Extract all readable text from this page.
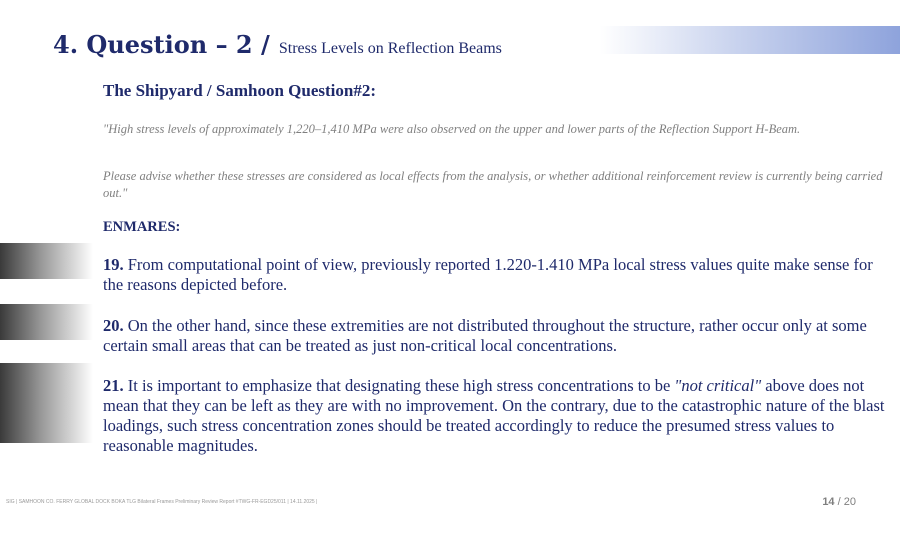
4. Question – 2 / Stress Levels on Reflection Beams
The Shipyard / Samhoon Question#2:
"High stress levels of approximately 1,220–1,410 MPa were also observed on the upper and lower parts of the Reflection Support H-Beam.
Please advise whether these stresses are considered as local effects from the analysis, or whether additional reinforcement review is currently being carried out."
ENMARES:
19. From computational point of view, previously reported 1.220-1.410 MPa local stress values quite make sense for the reasons depicted before.
20. On the other hand, since these extremities are not distributed throughout the structure, rather occur only at some certain small areas that can be treated as just non-critical local concentrations.
21. It is important to emphasize that designating these high stress concentrations to be "not critical" above does not mean that they can be left as they are with no improvement. On the contrary, due to the catastrophic nature of the blast loadings, such stress concentration zones should be treated accordingly to reduce the presumed stress values to reasonable magnitudes.
SIG | SAMHOON CO. FERRY GLOBAL DOCK BOKA TLG Bilateral Frames Preliminary Review Report #TWG-FR-EGD25/011 | 14.11.2025 |	14 / 20
